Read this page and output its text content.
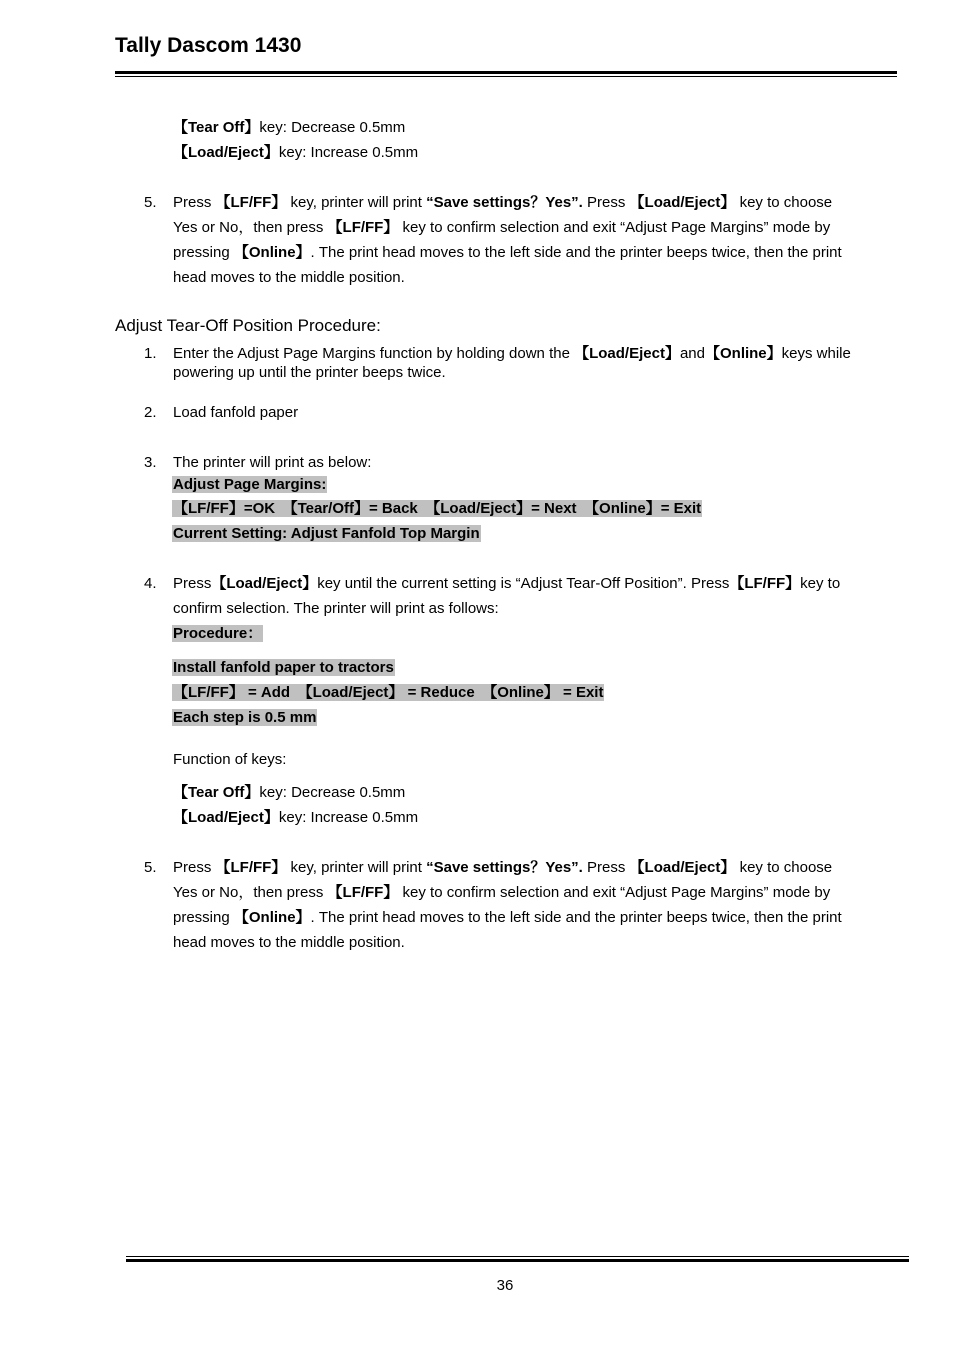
Tally Dascom 1430
【Tear Off】key: Decrease 0.5mm
【Load/Eject】key: Increase 0.5mm
5. Press 【LF/FF】 key, printer will print “Save settings？Yes”. Press 【Load/Eject】 key to choose
Yes or No，then press 【LF/FF】 key to confirm selection and exit “Adjust Page Margins” mode by
pressing 【Online】. The print head moves to the left side and the printer beeps twice, then the print
head moves to the middle position.
Adjust Tear-Off Position Procedure:
1. Enter the Adjust Page Margins function by holding down the 【Load/Eject】and【Online】keys while
powering up until the printer beeps twice.
2. Load fanfold paper
3. The printer will print as below:
Adjust Page Margins:
【LF/FF】=OK　【Tear/Off】= Back　【Load/Eject】= Next　【Online】= Exit
Current Setting: Adjust Fanfold Top Margin
4. Press【Load/Eject】key until the current setting is “Adjust Tear-Off Position”. Press【LF/FF】key to
confirm selection. The printer will print as follows:
Procedure：
Install fanfold paper to tractors
【LF/FF】 = Add　【Load/Eject】 = Reduce　【Online】 = Exit
Each step is 0.5 mm
Function of keys:
【Tear Off】key: Decrease 0.5mm
【Load/Eject】key: Increase 0.5mm
5. Press 【LF/FF】 key, printer will print “Save settings？Yes”. Press 【Load/Eject】 key to choose
Yes or No，then press 【LF/FF】 key to confirm selection and exit “Adjust Page Margins” mode by
pressing 【Online】. The print head moves to the left side and the printer beeps twice, then the print
head moves to the middle position.
36
